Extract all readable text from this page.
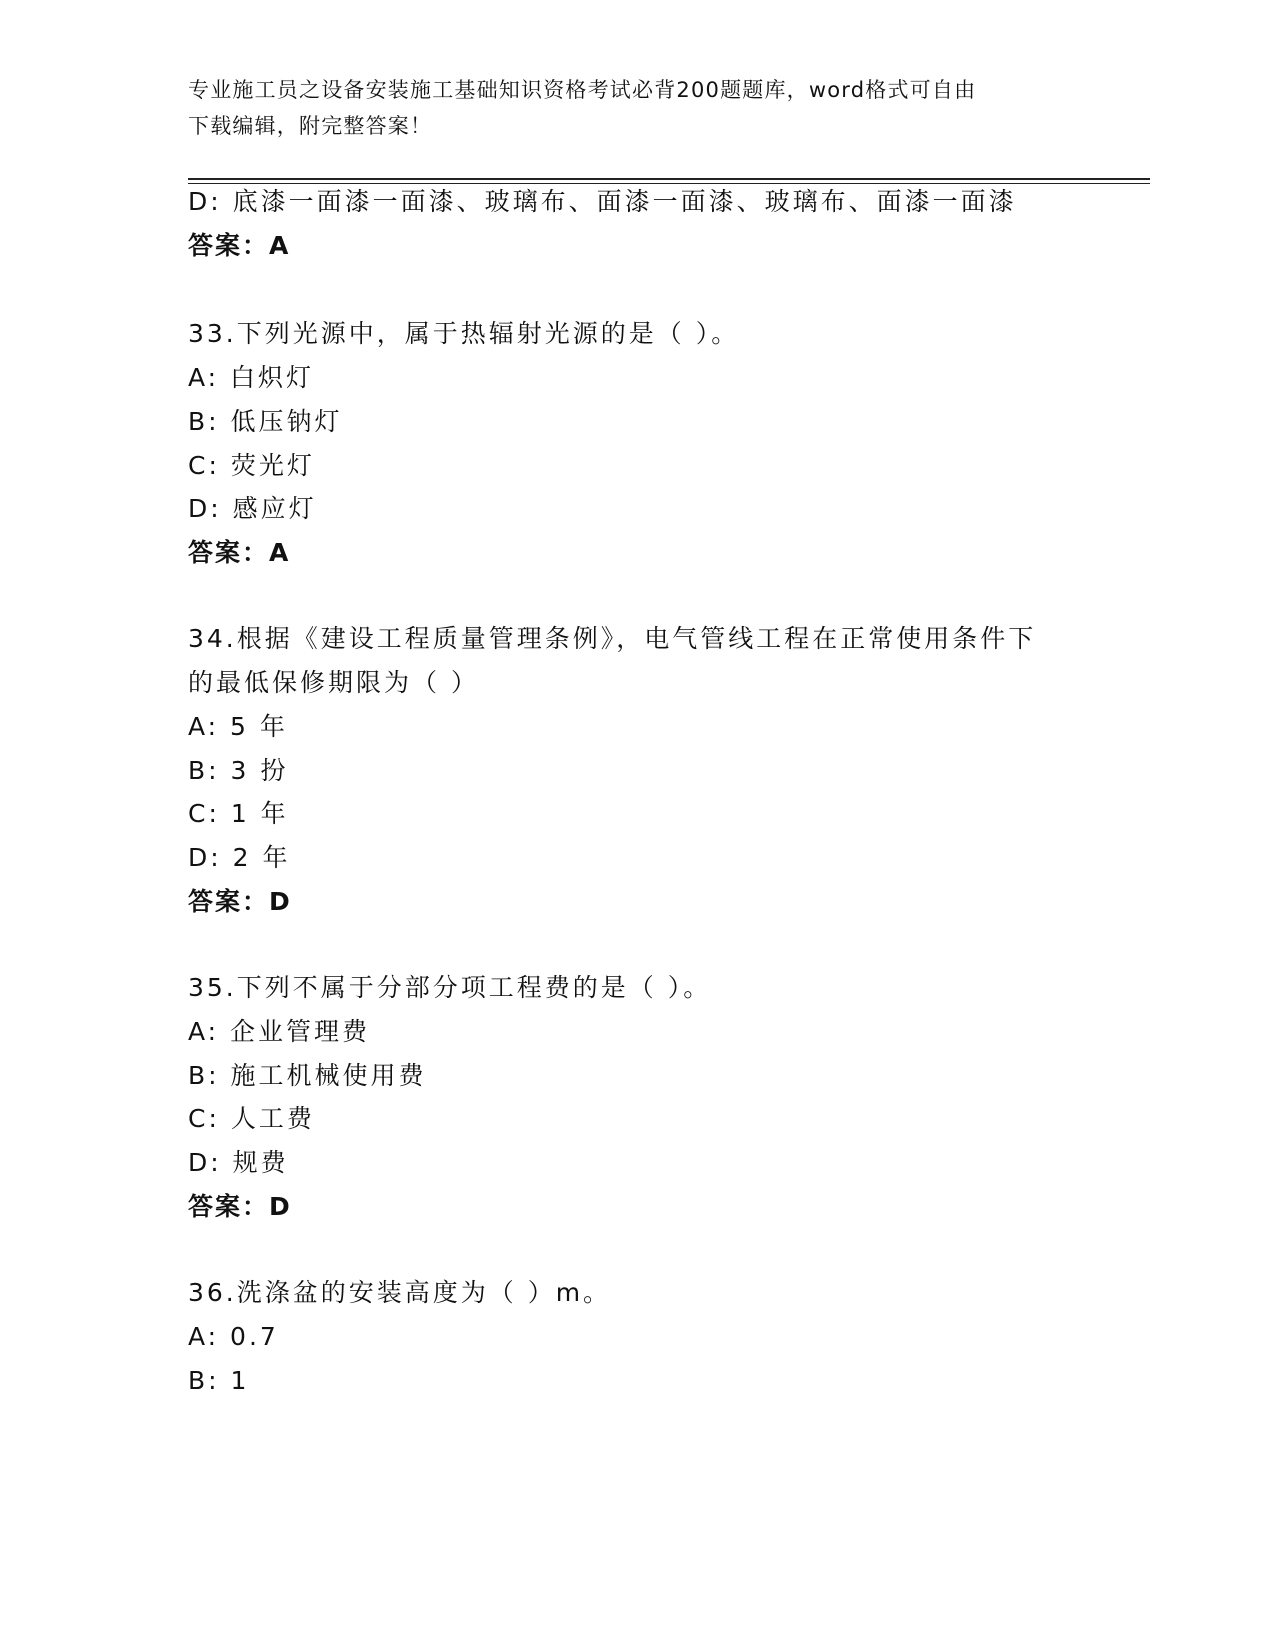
专业施工员之设备安装施工基础知识资格考试必背200题题库，word格式可自由
下载编辑，附完整答案！
D: 底漆一面漆一面漆、玻璃布、面漆一面漆、玻璃布、面漆一面漆
答案：A
33.下列光源中，属于热辐射光源的是（ ）。
A: 白炽灯
B: 低压钠灯
C: 荧光灯
D: 感应灯
答案：A
34.根据《建设工程质量管理条例》，电气管线工程在正常使用条件下
的最低保修期限为（ ）
A: 5 年
B: 3 扮
C: 1 年
D: 2 年
答案：D
35.下列不属于分部分项工程费的是（ ）。
A: 企业管理费
B: 施工机械使用费
C: 人工费
D: 规费
答案：D
36.洗涤盆的安装高度为（ ）m。
A: 0.7
B: 1
